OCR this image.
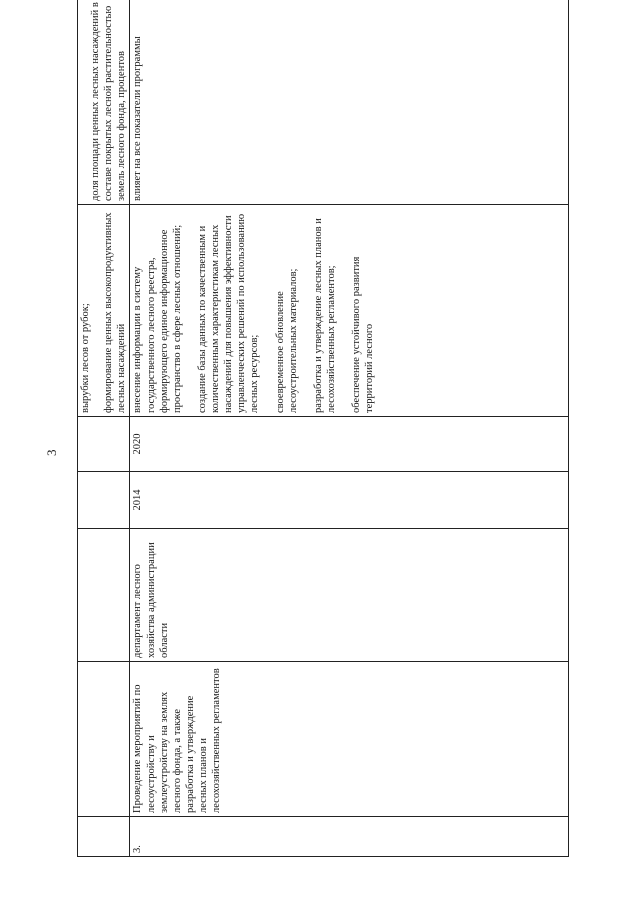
3

					вырубки лесов от рубок; формирование ценных высокопродуктивных лесных насаждений	доля площади ценных лесных насаждений в составе покрытых лесной растительностью земель лесного фонда, процентов

3.	Проведение мероприятий по лесоустройству и землеустройству на землях лесного фонда, а также разработка и утверждение лесных планов и лесохозяйственных регламентов	департамент лесного хозяйства администрации области	2014	2020	внесение информации в систему государственного лесного реестра, формирующего единое информационное пространство в сфере лесных отношений; создание базы данных по качественным и количественным характеристикам лесных насаждений для повышения эффективности управленческих решений по использованию лесных ресурсов; своевременное обновление лесоустроительных материалов; разработка и утверждение лесных планов и лесохозяйственных регламентов; обеспечение устойчивого развития территорий лесного	влияет на все показатели программы
